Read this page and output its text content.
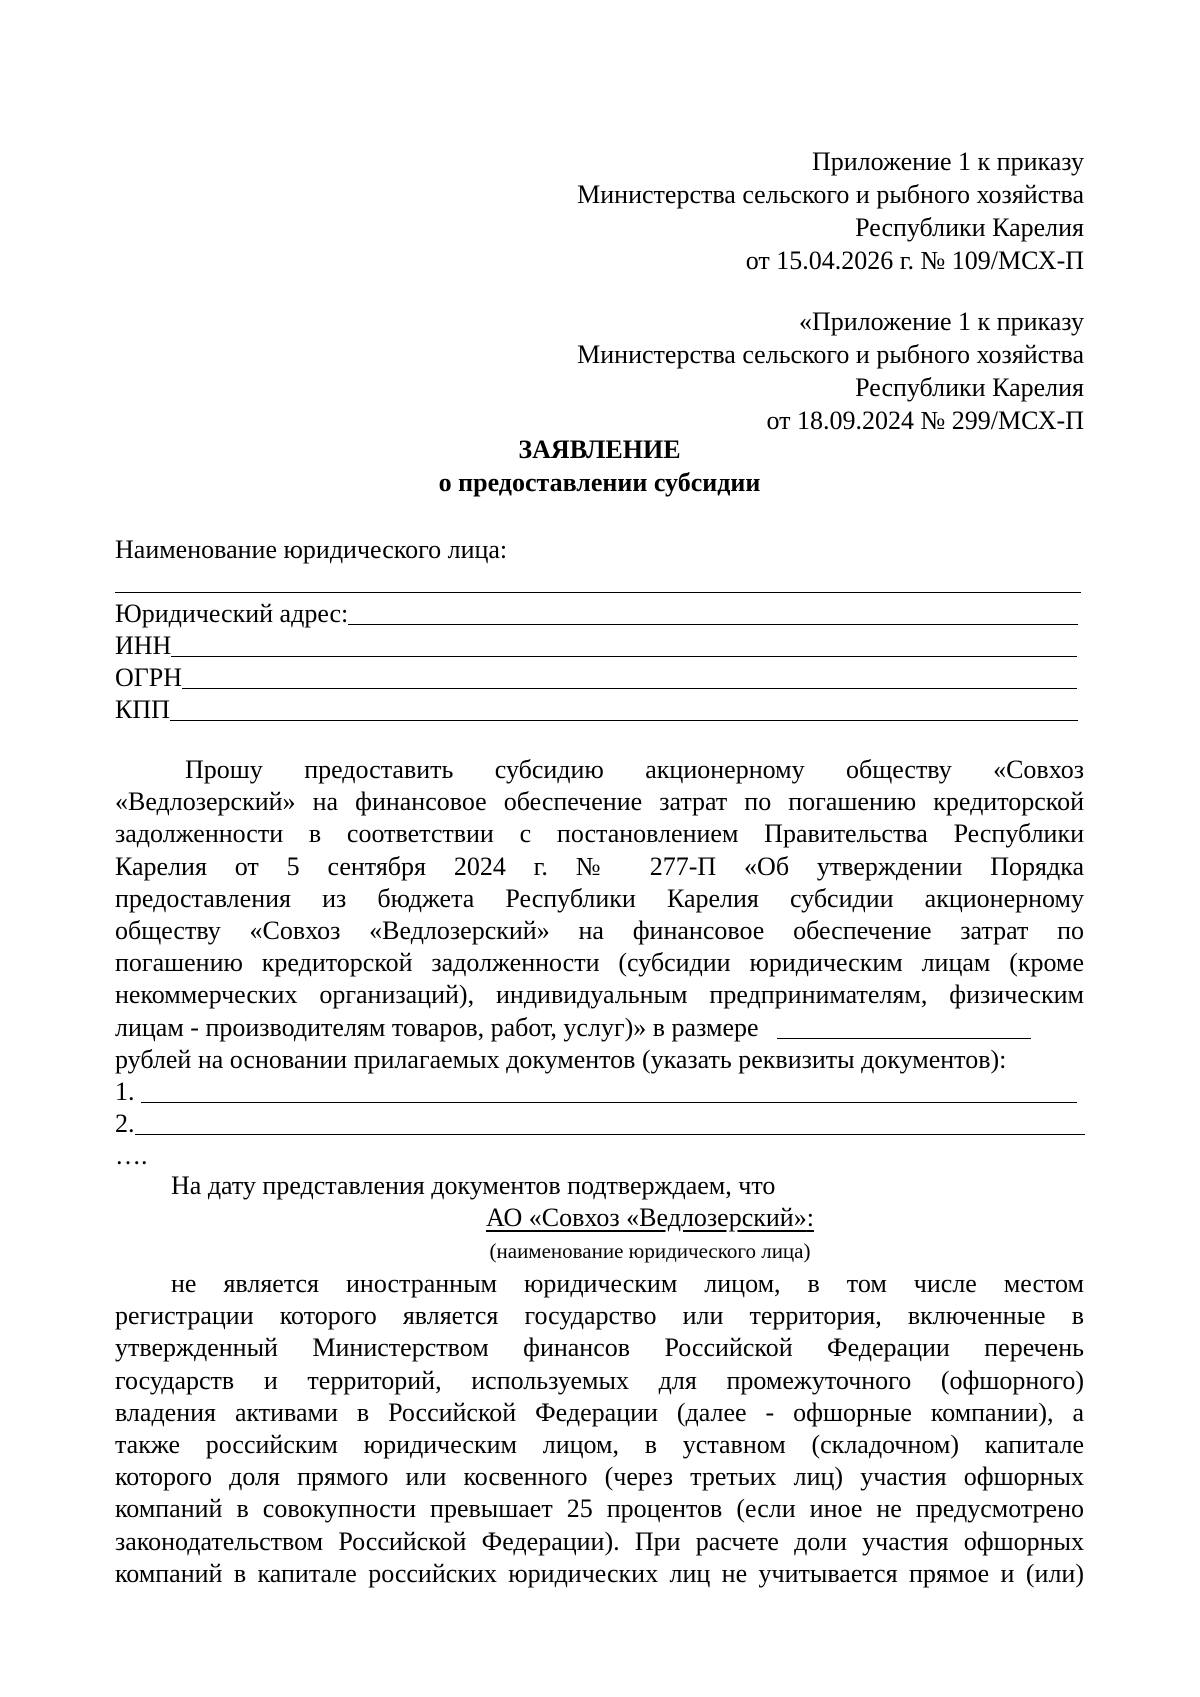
Приложение 1 к приказу
Министерства сельского и рыбного хозяйства
Республики Карелия
от 15.04.2026 г. № 109/МСХ-П
«Приложение 1 к приказу
Министерства сельского и рыбного хозяйства
Республики Карелия
от 18.09.2024 № 299/МСХ-П
ЗАЯВЛЕНИЕ
о предоставлении субсидии
Наименование юридического лица:
Юридический адрес:
ИНН
ОГРН
КПП
Прошу предоставить субсидию акционерному обществу «Совхоз
«Ведлозерский» на финансовое обеспечение затрат по погашению кредиторской
задолженности в соответствии с постановлением Правительства Республики
Карелия от 5 сентября 2024 г. № 277-П «Об утверждении Порядка
предоставления из бюджета Республики Карелия субсидии акционерному
обществу «Совхоз «Ведлозерский» на финансовое обеспечение затрат по
погашению кредиторской задолженности (субсидии юридическим лицам (кроме
некоммерческих организаций), индивидуальным предпринимателям, физическим
лицам - производителям товаров, работ, услуг)» в размере
рублей на основании прилагаемых документов (указать реквизиты документов):
1.
2.
….
На дату представления документов подтверждаем, что
АО «Совхоз «Ведлозерский»:
(наименование юридического лица)
не является иностранным юридическим лицом, в том числе местом
регистрации которого является государство или территория, включенные в
утвержденный Министерством финансов Российской Федерации перечень
государств и территорий, используемых для промежуточного (офшорного)
владения активами в Российской Федерации (далее - офшорные компании), а
также российским юридическим лицом, в уставном (складочном) капитале
которого доля прямого или косвенного (через третьих лиц) участия офшорных
компаний в совокупности превышает 25 процентов (если иное не предусмотрено
законодательством Российской Федерации). При расчете доли участия офшорных
компаний в капитале российских юридических лиц не учитывается прямое и (или)
